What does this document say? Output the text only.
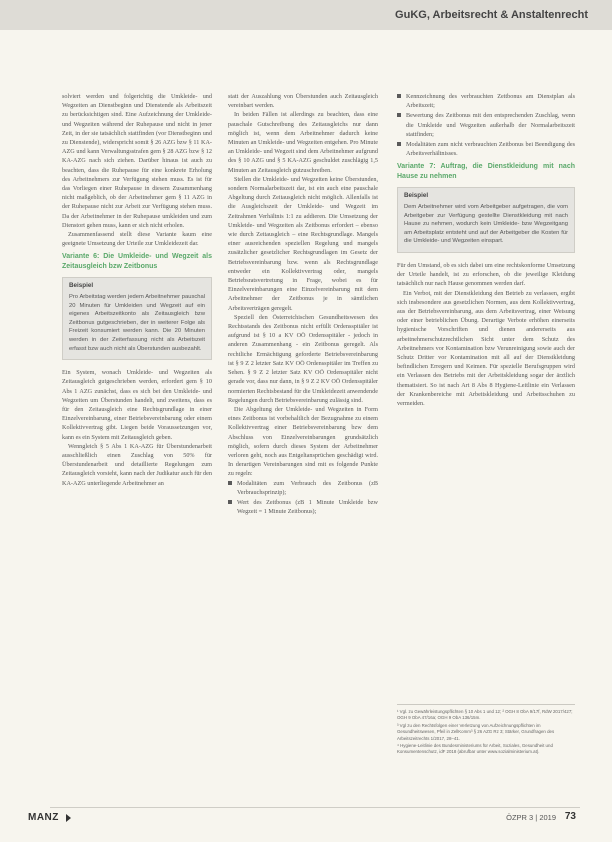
GuKG, Arbeitsrecht & Anstaltenrecht

solviert werden und folgerichtig die Umkleide- und Wegzeiten an Dienstbeginn und Dienstende als Arbeitszeit zu berücksichtigen sind. Eine Aufzeichnung der Umkleide- und Wegzeiten während der Ruhepause und nicht in jener Zeit, in der sie tatsächlich stattfinden (vor Dienstbeginn und zu Dienstende), widerspricht somit § 26 AZG bzw § 11 KA-AZG und kann Verwaltungsstrafen gem § 28 AZG bzw § 12 KA-AZG nach sich ziehen. Darüber hinaus ist auch zu beachten, dass die Ruhepause für eine konkrete Erholung des Arbeitnehmers zur Verfügung stehen muss. Es ist für das Vorliegen einer Ruhepause in diesem Zusammenhang nicht maßgeblich, ob der Arbeitnehmer gem § 11 AZG in der Ruhepause nicht zur Arbeit zur Verfügung stehen muss. Da der Arbeitnehmer in der Ruhepause umkleiden und zum Dienstort gehen muss, kann er sich nicht erholen.

Zusammenfassend stellt diese Variante kaum eine geeignete Umsetzung der Urteile zur Umkleidezeit dar.

Variante 6: Die Umkleide- und Wegzeit als Zeitausgleich bzw Zeitbonus
Beispiel
Pro Arbeitstag werden jedem Arbeitnehmer pauschal 20 Minuten für Umkleiden und Wegzeit auf ein eigenes Arbeitszeitkonto als Zeitausgleich bzw Zeitbonus gutgeschrieben, der in weiterer Folge als Freizeit konsumiert werden kann. Die 20 Minuten werden in der Zeiterfassung nicht als Arbeitszeit erfasst bzw auch nicht als Überstunden ausbezahlt.

Ein System, wonach Umkleide- und Wegzeiten als Zeitausgleich gutgeschrieben werden, erfordert gem § 10 Abs 1 AZG zunächst, dass es sich bei den Umkleide- und Wegzeiten um Überstunden handelt, und zweitens, dass es für den Zeitausgleich eine Rechtsgrundlage in einer Einzelvereinbarung, einer Betriebsvereinbarung oder einem Kollektivvertrag gibt. Liegen beide Voraussetzungen vor, kann es ein System mit Zeitausgleich geben.

Wenngleich § 5 Abs 1 KA-AZG für Überstundenarbeit ausschließlich einen Zuschlag von 50% für Überstundenarbeit und detaillierte Regelungen zum Zeitausgleich vorsieht, kann nach der Judikatur auch für den KA-AZG unterliegende Arbeitnehmer an

statt der Auszahlung von Überstunden auch Zeitausgleich vereinbart werden.

In beiden Fällen ist allerdings zu beachten, dass eine pauschale Gutschreibung des Zeitausgleichs nur dann möglich ist, wenn dem Arbeitnehmer dadurch keine Minuten an Umkleide- und Wegzeiten entgehen. Pro Minute an Umkleide- und Wegzeit sind dem Arbeitnehmer aufgrund des § 10 AZG und § 5 KA-AZG geschuldet zuschlägig 1,5 Minuten an Zeitausgleich gutzuschreiben.

Stellen die Umkleide- und Wegzeiten keine Überstunden, sondern Normalarbeitszeit dar, ist ein auch eine pauschale Abgeltung durch Zeitausgleich nicht möglich. Allenfalls ist die Ausgleichszeit der Umkleide- und Wegzeit im Zeitrahmen Verhältnis 1:1 zu addieren. Die Umsetzung der Umkleide- und Wegzeiten als Zeitbonus erfordert – ebenso wie durch Zeitausgleich – eine Rechtsgrundlage. Mangels einer ausreichenden speziellen Regelung und mangels zusätzlicher gesetzlicher Rechtsgrundlagen im Gesetz der Betriebsvereinbarung bzw. wenn als Rechtsgrundlage entweder ein Kollektivvertrag oder, mangels Betriebsratsvertretung in Frage, wobei es für Einzelvereinbarungen eine Einzelvereinbarung mit dem Arbeitnehmer der Zeitbonus je in sämtlichen Arbeitsverträgen geregelt.

Speziell den Österreichischen Gesundheitswesen des Rechtsstands des Zeitbonus nicht erfüllt Ordensspitäler ist aufgrund ist § 10 a KV OÖ Ordensspitäler - jedoch in anderen Zusammenhang - ein Zeitbonus geregelt. Als rechtliche Ermächtigung geforderte Betriebsvereinbarung ist § 9 Z 2 letzter Satz KV OÖ Ordensspitäler im Treffen zu Sehen. § 9 Z 2 letzter Satz KV OÖ Ordensspitäler nicht gerade vor, dass nur dann, in § 9 Z 2 KV OÖ Ordensspitäler normierten Rechtsbestand für die Umkleidezeit anwendende Regelungen durch Betriebsvereinbarung zulässig sind.

Die Abgeltung der Umkleide- und Wegzeiten in Form eines Zeitbonus ist vorbehaltlich der Bezugnahme zu einem Kollektivvertrag einer Betriebsvereinbarung bzw dem Abschluss von Einzelvereinbarungen grundsätzlich möglich, sofern durch dieses System der Arbeitnehmer verloren geht, noch aus Entgeltansprüchen geschädigt wird. In derartigen Vereinbarungen sind mit es folgende Punkte zu regeln:

Modalitäten zum Verbrauch des Zeitbonus (zB Verbrauchsprinzip);
Wert des Zeitbonus (zB 1 Minute Umkleide bzw Wegzeit = 1 Minute Zeitbonus);
Kennzeichnung des verbrauchten Zeitbonus am Dienstplan als Arbeitszeit;
Bewertung des Zeitbonus mit den entsprechenden Zuschlag, wenn die Umkleide und Wegzeiten außerhalb der Normalarbeitszeit stattfinden;
Modalitäten zum nicht verbrauchten Zeitbonus bei Beendigung des Arbeitsverhältnisses.
Variante 7: Auftrag, die Dienstkleidung mit nach Hause zu nehmen
Beispiel
Dem Arbeitnehmer wird vom Arbeitgeber aufgetragen, die vom Arbeitgeber zur Verfügung gestellte Dienstkleidung mit nach Hause zu nehmen, wodurch kein Umkleide- bzw Wegzeitgang am Arbeitsplatz entsteht und auf der Arbeitgeber die Kosten für die Umkleide- und Wegzeiten einspart.

Für den Umstand, ob es sich dabei um eine rechtskonforme Umsetzung der Urteile handelt, ist zu erforschen, ob die jeweilige Kleidung tatsächlich nur nach Hause genommen werden darf.

Ein Verbot, mit der Dienstkleidung den Betrieb zu verlassen, ergibt sich insbesondere aus gesetzlichen Normen, aus dem Kollektivvertrag, aus der Betriebsvereinbarung, aus dem Arbeitsvertrag, einer Weisung oder einer betrieblichen Übung. Derartige Verbote erhöhen einerseits hygienische Vorschriften und dienen andererseits aus arbeitnehmerschutzrechtlichen Sicht unter dem Schutz des Arbeitnehmers vor Kontamination bzw Verunreinigung sowie auch der Schutz Dritter vor Kontamination mit all auf der Dienstkleidung befindlichen Erregern und Keimen. Für spezielle Berufsgruppen wird ein Verlassen des Betriebs mit der Arbeitskleidung sogar der ärztlich thematisiert. So ist nach Art 8 Abs 8 Hygiene-Leitlinie ein Verlassen der Krankenbereiche mit Arbeitskleidung und Arbeitsschuhen zu vermeiden.

¹ Vgl. zu Gewährleistungspflichten § 10 Abs 1 und 12; ² OGH 8 ObA 9/17f, RdW 2017/427; OGH 9 ObA 47/16a; OGH 9 ObA 136/15m.

³ Vgl zu den Rechtsfolgen einer Verletzung von Aufzeichnungspflichten im Gesundheitswesen, Pfeil in ZellKomm³ § 26 AZG Rz 3; Stärker, Grundfragen des Arbeitszeitrechts 1/2017, 28–41.

⁴ Hygiene-Leitlinie des Bundesministeriums für Arbeit, Soziales, Gesundheit und Konsumentenschutz, idF 2018 (abrufbar unter www.sozialministerium.at).

MANZ	ÖZPR 3 | 2019 73
